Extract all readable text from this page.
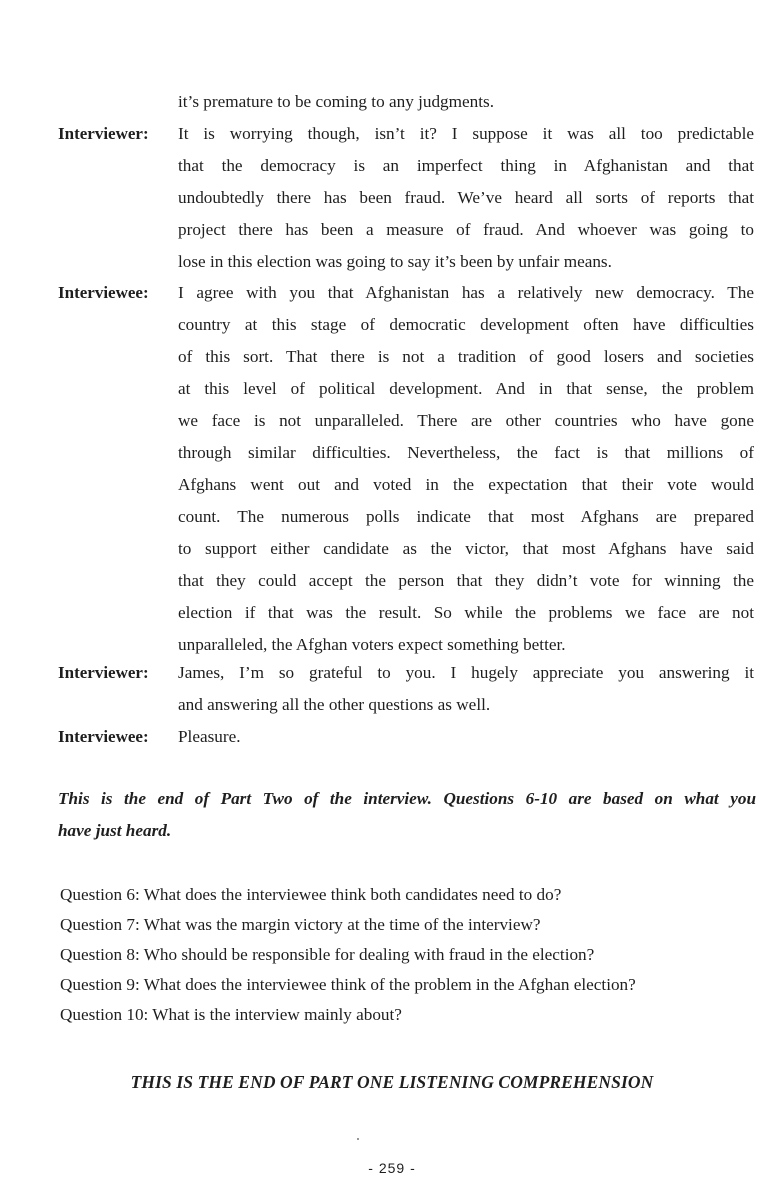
it’s premature to be coming to any judgments.
Interviewer:	It is worrying though, isn’t it? I suppose it was all too predictable
that the democracy is an imperfect thing in Afghanistan and that
undoubtedly there has been fraud. We’ve heard all sorts of reports that
project there has been a measure of fraud. And whoever was going to
lose in this election was going to say it’s been by unfair means.
Interviewee:	I agree with you that Afghanistan has a relatively new democracy. The
country at this stage of democratic development often have difficulties
of this sort. That there is not a tradition of good losers and societies
at this level of political development. And in that sense, the problem
we face is not unparalleled. There are other countries who have gone
through similar difficulties. Nevertheless, the fact is that millions of
Afghans went out and voted in the expectation that their vote would
count. The numerous polls indicate that most Afghans are prepared
to support either candidate as the victor, that most Afghans have said
that they could accept the person that they didn’t vote for winning the
election if that was the result. So while the problems we face are not
unparalleled, the Afghan voters expect something better.
Interviewer:	James, I’m so grateful to you. I hugely appreciate you answering it
and answering all the other questions as well.
Interviewee:	Pleasure.
This is the end of Part Two of the interview. Questions 6-10 are based on what you
have just heard.
Question 6: What does the interviewee think both candidates need to do?
Question 7: What was the margin victory at the time of the interview?
Question 8: Who should be responsible for dealing with fraud in the election?
Question 9: What does the interviewee think of the problem in the Afghan election?
Question 10: What is the interview mainly about?
THIS IS THE END OF PART ONE LISTENING COMPREHENSION
- 259 -
